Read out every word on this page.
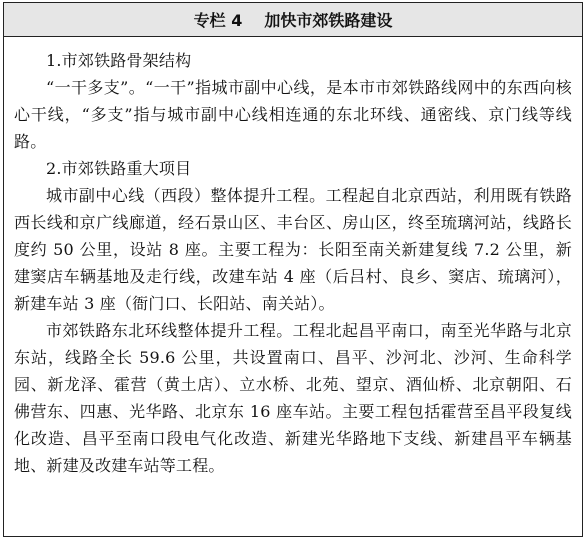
专栏 4 加快市郊铁路建设

1.市郊铁路骨架结构

“一干多支”。“一干”指城市副中心线，是本市市郊铁路线网中的东西向核心干线，“多支”指与城市副中心线相连通的东北环线、通密线、京门线等线路。

2.市郊铁路重大项目

城市副中心线（西段）整体提升工程。工程起自北京西站，利用既有铁路西长线和京广线廊道，经石景山区、丰台区、房山区，终至琉璃河站，线路长度约 50 公里，设站 8 座。主要工程为：长阳至南关新建复线 7.2 公里，新建窦店车辆基地及走行线，改建车站 4 座（后吕村、良乡、窦店、琉璃河），新建车站 3 座（衙门口、长阳站、南关站）。

市郊铁路东北环线整体提升工程。工程北起昌平南口，南至光华路与北京东站，线路全长 59.6 公里，共设置南口、昌平、沙河北、沙河、生命科学园、新龙泽、霍营（黄土店）、立水桥、北苑、望京、酒仙桥、北京朝阳、石佛营东、四惠、光华路、北京东 16 座车站。主要工程包括霍营至昌平段复线化改造、昌平至南口段电气化改造、新建光华路地下支线、新建昌平车辆基地、新建及改建车站等工程。
